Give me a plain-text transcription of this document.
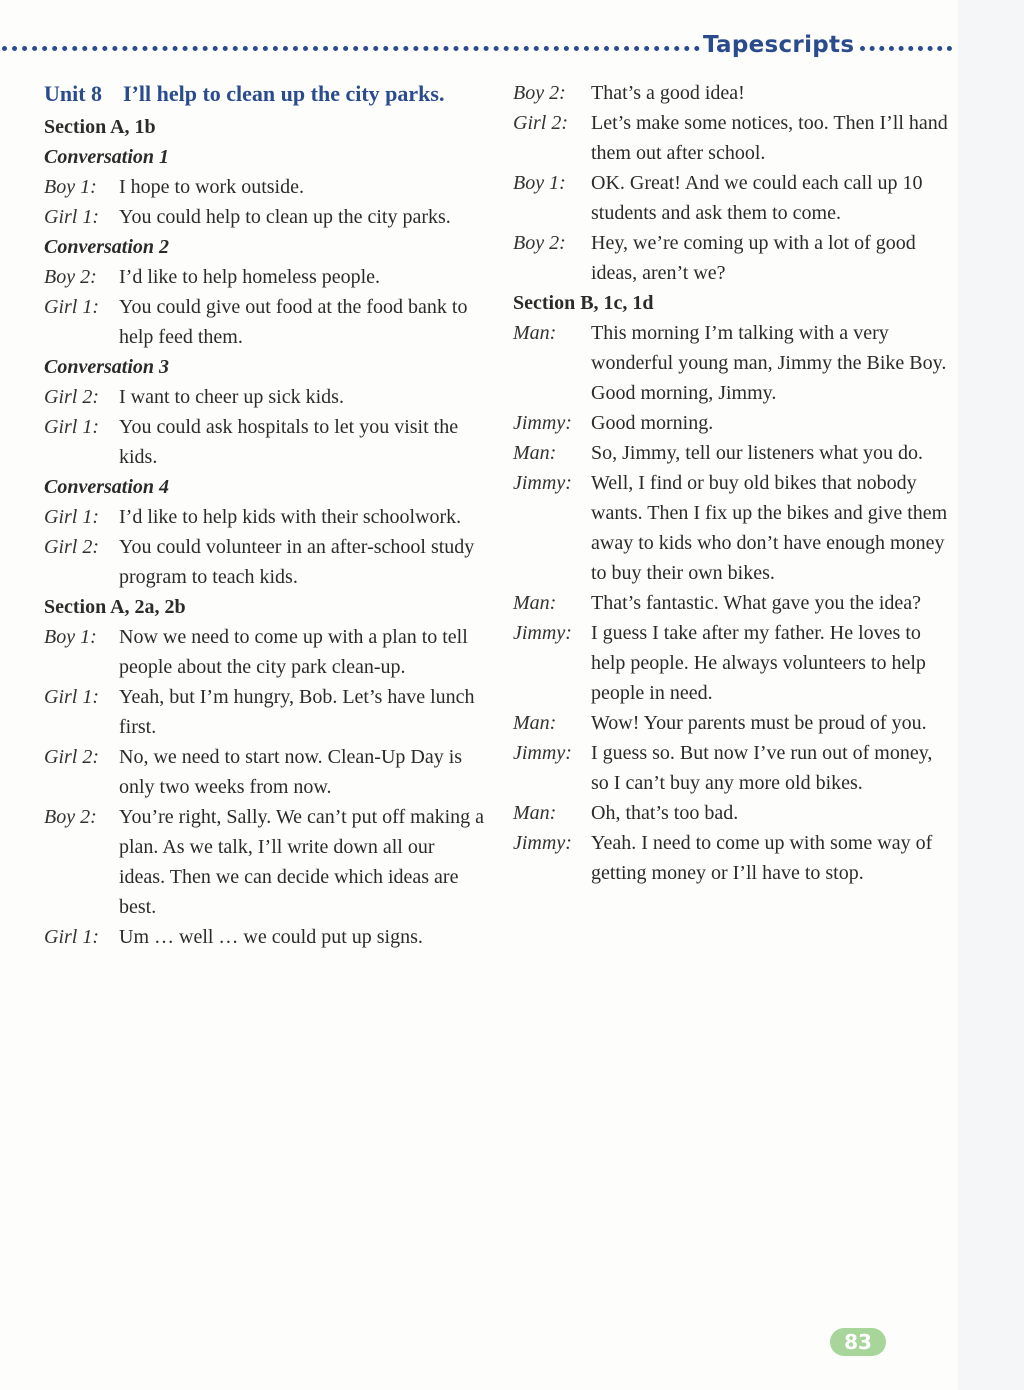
Tapescripts
Unit 8 I’ll help to clean up the city parks.
Section A, 1b
Conversation 1
Boy 1:	I hope to work outside.
Girl 1:	You could help to clean up the city parks.
Conversation 2
Boy 2:	I’d like to help homeless people.
Girl 1:	You could give out food at the food bank to help feed them.
Conversation 3
Girl 2:	I want to cheer up sick kids.
Girl 1:	You could ask hospitals to let you visit the kids.
Conversation 4
Girl 1:	I’d like to help kids with their schoolwork.
Girl 2:	You could volunteer in an after-school study program to teach kids.
Section A, 2a, 2b
Boy 1:	Now we need to come up with a plan to tell people about the city park clean-up.
Girl 1:	Yeah, but I’m hungry, Bob. Let’s have lunch first.
Girl 2:	No, we need to start now. Clean-Up Day is only two weeks from now.
Boy 2:	You’re right, Sally. We can’t put off making a plan. As we talk, I’ll write down all our ideas. Then we can decide which ideas are best.
Girl 1:	Um … well … we could put up signs.
Boy 2:	That’s a good idea!
Girl 2:	Let’s make some notices, too. Then I’ll hand them out after school.
Boy 1:	OK. Great! And we could each call up 10 students and ask them to come.
Boy 2:	Hey, we’re coming up with a lot of good ideas, aren’t we?
Section B, 1c, 1d
Man:	This morning I’m talking with a very wonderful young man, Jimmy the Bike Boy. Good morning, Jimmy.
Jimmy: Good morning.
Man:	So, Jimmy, tell our listeners what you do.
Jimmy: Well, I find or buy old bikes that nobody wants. Then I fix up the bikes and give them away to kids who don’t have enough money to buy their own bikes.
Man:	That’s fantastic. What gave you the idea?
Jimmy: I guess I take after my father. He loves to help people. He always volunteers to help people in need.
Man:	Wow! Your parents must be proud of you.
Jimmy: I guess so. But now I’ve run out of money, so I can’t buy any more old bikes.
Man:	Oh, that’s too bad.
Jimmy: Yeah. I need to come up with some way of getting money or I’ll have to stop.
83
